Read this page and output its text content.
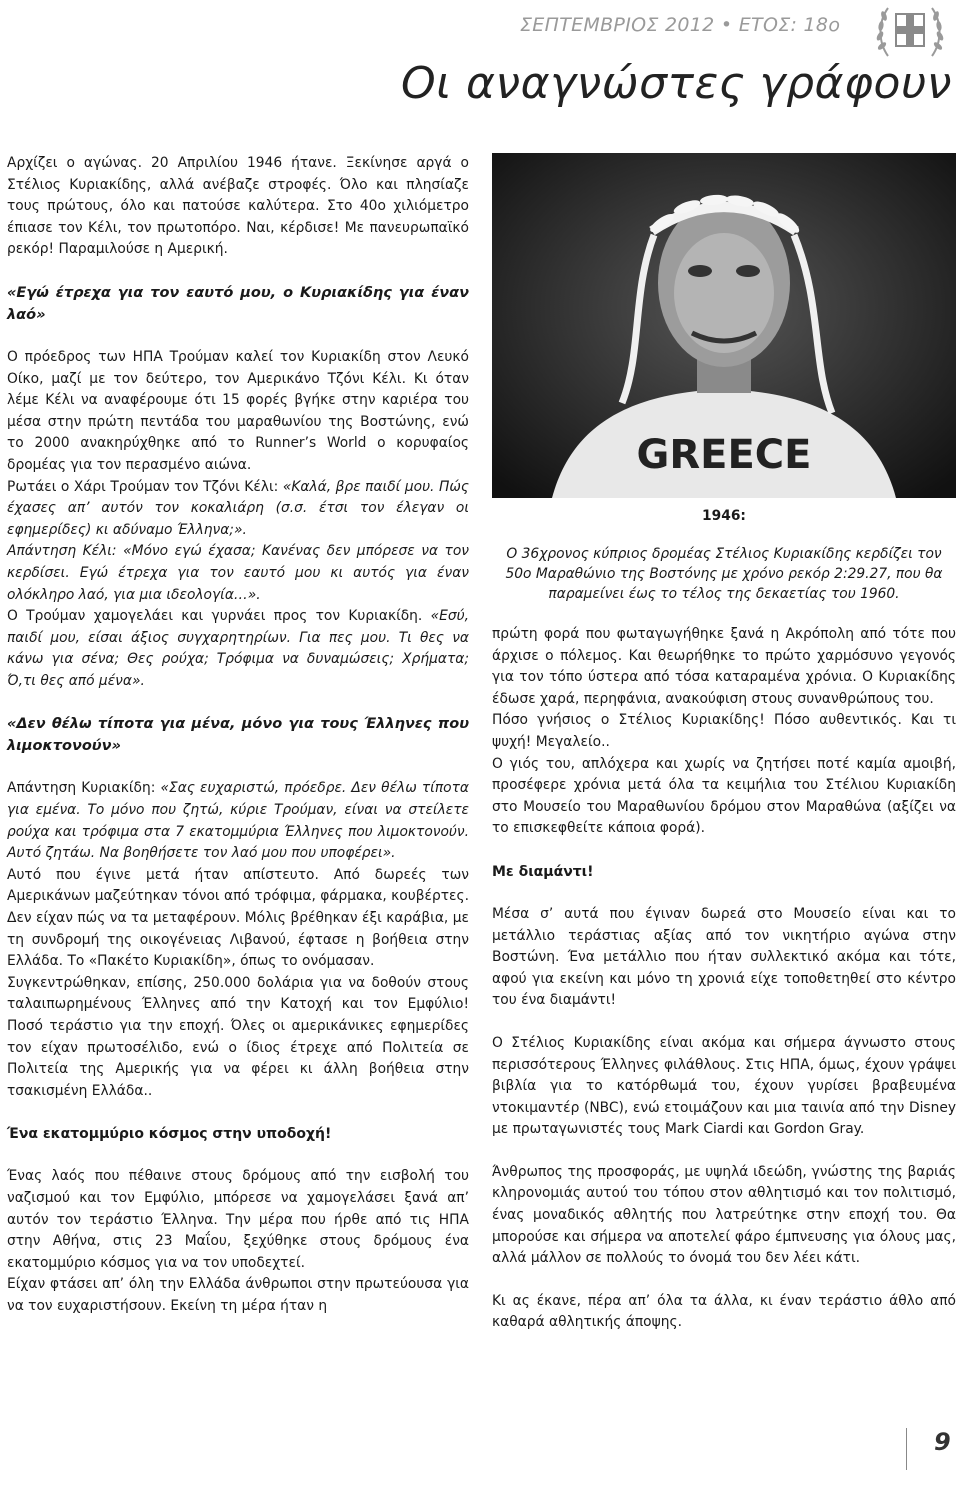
ΣΕΠΤΕΜΒΡΙΟΣ 2012 • ΕΤΟΣ: 18ο
Οι αναγνώστες γράφουν

Αρχίζει ο αγώνας. 20 Απριλίου 1946 ήτανε. Ξεκίνησε αργά ο Στέλιος Κυριακίδης, αλλά ανέβαζε στροφές. Όλο και πλησίαζε τους πρώτους, όλο και πατούσε καλύτερα. Στο 40ο χιλιόμετρο έπιασε τον Κέλι, τον πρωτοπόρο. Ναι, κέρδισε! Με πανευρωπαϊκό ρεκόρ! Παραμιλούσε η Αμερική.

«Εγώ έτρεχα για τον εαυτό μου, ο Κυριακίδης για έναν λαό»

Ο πρόεδρος των ΗΠΑ Τρούμαν καλεί τον Κυριακίδη στον Λευκό Οίκο, μαζί με τον δεύτερο, τον Αμερικάνο Τζόνι Κέλι. Κι όταν λέμε Κέλι να αναφέρουμε ότι 15 φορές βγήκε στην καριέρα του μέσα στην πρώτη πεντάδα του μαραθωνίου της Βοστώνης, ενώ το 2000 ανακηρύχθηκε από το Runner’s World ο κορυφαίος δρομέας για τον περασμένο αιώνα.

Ρωτάει ο Χάρι Τρούμαν τον Τζόνι Κέλι: «Καλά, βρε παιδί μου. Πώς έχασες απ’ αυτόν τον κοκαλιάρη (σ.σ. έτσι τον έλεγαν οι εφημερίδες) κι αδύναμο Έλληνα;».

Απάντηση Κέλι: «Μόνο εγώ έχασα; Κανένας δεν μπόρεσε να τον κερδίσει. Εγώ έτρεχα για τον εαυτό μου κι αυτός για έναν ολόκληρο λαό, για μια ιδεολογία…».

Ο Τρούμαν χαμογελάει και γυρνάει προς τον Κυριακίδη. «Εσύ, παιδί μου, είσαι άξιος συγχαρητηρίων. Για πες μου. Τι θες να κάνω για σένα; Θες ρούχα; Τρόφιμα να δυναμώσεις; Χρήματα; Ό,τι θες από μένα».

«Δεν θέλω τίποτα για μένα, μόνο για τους Έλληνες που λιμοκτονούν»

Απάντηση Κυριακίδη: «Σας ευχαριστώ, πρόεδρε. Δεν θέλω τίποτα για εμένα. Το μόνο που ζητώ, κύριε Τρούμαν, είναι να στείλετε ρούχα και τρόφιμα στα 7 εκατομμύρια Έλληνες που λιμοκτονούν. Αυτό ζητάω. Να βοηθήσετε τον λαό μου που υποφέρει».

Αυτό που έγινε μετά ήταν απίστευτο. Από δωρεές των Αμερικάνων μαζεύτηκαν τόνοι από τρόφιμα, φάρμακα, κουβέρτες. Δεν είχαν πώς να τα μεταφέρουν. Μόλις βρέθηκαν έξι καράβια, με τη συνδρομή της οικογένειας Λιβανού, έφτασε η βοήθεια στην Ελλάδα. Το «Πακέτο Κυριακίδη», όπως το ονόμασαν.

Συγκεντρώθηκαν, επίσης, 250.000 δολάρια για να δοθούν στους ταλαιπωρημένους Έλληνες από την Κατοχή και τον Εμφύλιο! Ποσό τεράστιο για την εποχή. Όλες οι αμερικάνικες εφημερίδες τον είχαν πρωτοσέλιδο, ενώ ο ίδιος έτρεχε από Πολιτεία σε Πολιτεία της Αμερικής για να φέρει κι άλλη βοήθεια στην τσακισμένη Ελλάδα..

Ένα εκατομμύριο κόσμος στην υποδοχή!

Ένας λαός που πέθαινε στους δρόμους από την εισβολή του ναζισμού και τον Εμφύλιο, μπόρεσε να χαμογελάσει ξανά απ’ αυτόν τον τεράστιο Έλληνα. Την μέρα που ήρθε από τις ΗΠΑ στην Αθήνα, στις 23 Μαΐου, ξεχύθηκε στους δρόμους ένα εκατομμύριο κόσμος για να τον υποδεχτεί.

Είχαν φτάσει απ’ όλη την Ελλάδα άνθρωποι στην πρωτεύουσα για να τον ευχαριστήσουν. Εκείνη τη μέρα ήταν η

GREECE
1946:
Ο 36χρονος κύπριος δρομέας Στέλιος Κυριακίδης κερδίζει τον 50ο Μαραθώνιο της Βοστόνης με χρόνο ρεκόρ 2:29.27, που θα παραμείνει έως το τέλος της δεκαετίας του 1960.

πρώτη φορά που φωταγωγήθηκε ξανά η Ακρόπολη από τότε που άρχισε ο πόλεμος. Και θεωρήθηκε το πρώτο χαρμόσυνο γεγονός για τον τόπο ύστερα από τόσα καταραμένα χρόνια. Ο Κυριακίδης έδωσε χαρά, περηφάνια, ανακούφιση στους συνανθρώπους του.

Πόσο γνήσιος ο Στέλιος Κυριακίδης! Πόσο αυθεντικός. Και τι ψυχή! Μεγαλείο..

Ο γιός του, απλόχερα και χωρίς να ζητήσει ποτέ καμία αμοιβή, προσέφερε χρόνια μετά όλα τα κειμήλια του Στέλιου Κυριακίδη στο Μουσείο του Μαραθωνίου δρόμου στον Μαραθώνα (αξίζει να το επισκεφθείτε κάποια φορά).

Με διαμάντι!

Μέσα σ’ αυτά που έγιναν δωρεά στο Μουσείο είναι και το μετάλλιο τεράστιας αξίας από τον νικητήριο αγώνα στην Βοστώνη. Ένα μετάλλιο που ήταν συλλεκτικό ακόμα και τότε, αφού για εκείνη και μόνο τη χρονιά είχε τοποθετηθεί στο κέντρο του ένα διαμάντι!

Ο Στέλιος Κυριακίδης είναι ακόμα και σήμερα άγνωστο στους περισσότερους Έλληνες φιλάθλους. Στις ΗΠΑ, όμως, έχουν γράψει βιβλία για το κατόρθωμά του, έχουν γυρίσει βραβευμένα ντοκιμαντέρ (NBC), ενώ ετοιμάζουν και μια ταινία από την Disney με πρωταγωνιστές τους Mark Ciardi και Gordon Gray.

Άνθρωπος της προσφοράς, με υψηλά ιδεώδη, γνώστης της βαριάς κληρονομιάς αυτού του τόπου στον αθλητισμό και τον πολιτισμό, ένας μοναδικός αθλητής που λατρεύτηκε στην εποχή του. Θα μπορούσε και σήμερα να αποτελεί φάρο έμπνευσης για όλους μας, αλλά μάλλον σε πολλούς το όνομά του δεν λέει κάτι.

Κι ας έκανε, πέρα απ’ όλα τα άλλα, κι έναν τεράστιο άθλο από καθαρά αθλητικής άποψης.

9
